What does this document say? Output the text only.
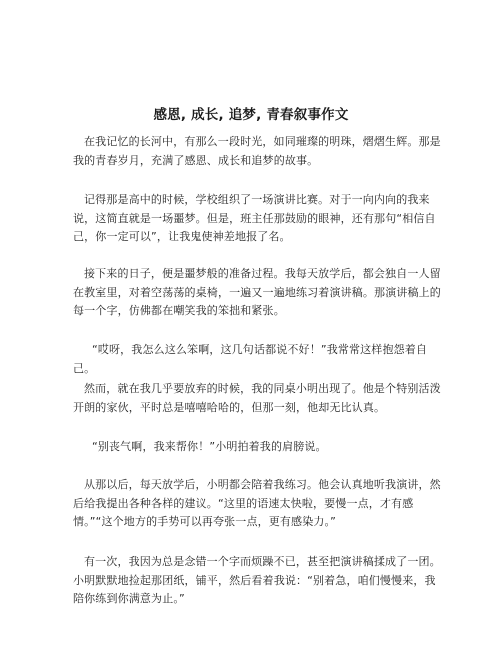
感恩, 成长, 追梦, 青春叙事作文

在我记忆的长河中，有那么一段时光，如同璀璨的明珠，熠熠生辉。那是我的青春岁月，充满了感恩、成长和追梦的故事。

记得那是高中的时候，学校组织了一场演讲比赛。对于一向内向的我来说，这简直就是一场噩梦。但是，班主任那鼓励的眼神，还有那句“相信自己，你一定可以”，让我鬼使神差地报了名。

接下来的日子，便是噩梦般的准备过程。我每天放学后，都会独自一人留在教室里，对着空荡荡的桌椅，一遍又一遍地练习着演讲稿。那演讲稿上的每一个字，仿佛都在嘲笑我的笨拙和紧张。

“哎呀，我怎么这么笨啊，这几句话都说不好！”我常常这样抱怨着自己。

然而，就在我几乎要放弃的时候，我的同桌小明出现了。他是个特别活泼开朗的家伙，平时总是嘻嘻哈哈的，但那一刻，他却无比认真。

“别丧气啊，我来帮你！”小明拍着我的肩膀说。

从那以后，每天放学后，小明都会陪着我练习。他会认真地听我演讲，然后给我提出各种各样的建议。“这里的语速太快啦，要慢一点，才有感情。”“这个地方的手势可以再夸张一点，更有感染力。”

有一次，我因为总是念错一个字而烦躁不已，甚至把演讲稿揉成了一团。小明默默地捡起那团纸，铺平，然后看着我说：“别着急，咱们慢慢来，我陪你练到你满意为止。”
